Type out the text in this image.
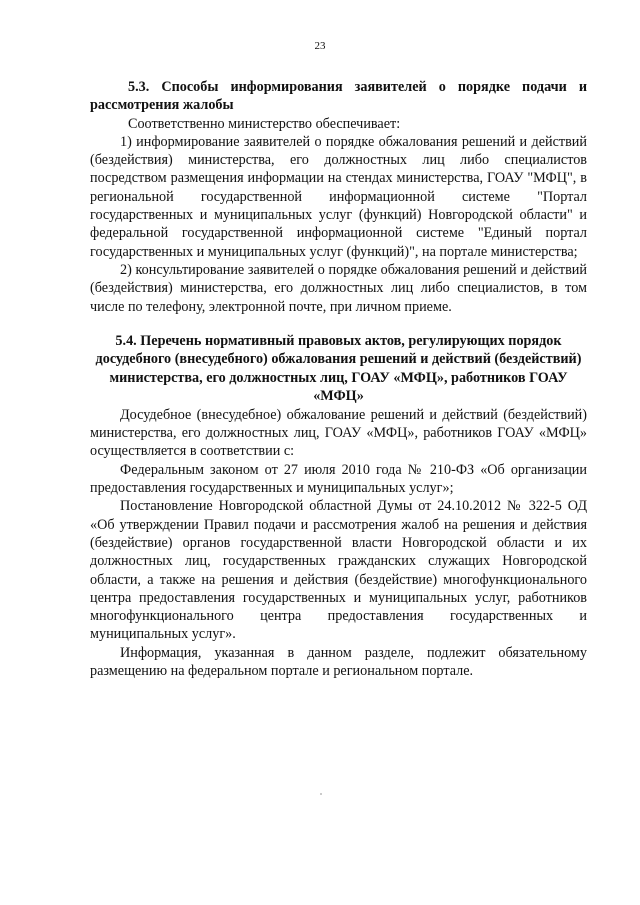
23

5.3. Способы информирования заявителей о порядке подачи и рассмотрения жалобы

Соответственно министерство обеспечивает:

1) информирование заявителей о порядке обжалования решений и действий (бездействия) министерства, его должностных лиц либо специалистов посредством размещения информации на стендах министерства, ГОАУ "МФЦ", в региональной государственной информационной системе "Портал государственных и муниципальных услуг (функций) Новгородской области" и федеральной государственной информационной системе "Единый портал государственных и муниципальных услуг (функций)", на портале министерства;

2) консультирование заявителей о порядке обжалования решений и действий (бездействия) министерства, его должностных лиц либо специалистов, в том числе по телефону, электронной почте, при личном приеме.

5.4. Перечень нормативный правовых актов, регулирующих порядок досудебного (внесудебного) обжалования решений и действий (бездействий) министерства, его должностных лиц, ГОАУ «МФЦ», работников ГОАУ «МФЦ»

Досудебное (внесудебное) обжалование решений и действий (бездействий) министерства, его должностных лиц, ГОАУ «МФЦ», работников ГОАУ «МФЦ» осуществляется в соответствии с:

Федеральным законом от 27 июля 2010 года № 210-ФЗ «Об организации предоставления государственных и муниципальных услуг»;

Постановление Новгородской областной Думы от 24.10.2012 № 322-5 ОД «Об утверждении Правил подачи и рассмотрения жалоб на решения и действия (бездействие) органов государственной власти Новгородской области и их должностных лиц, государственных гражданских служащих Новгородской области, а также на решения и действия (бездействие) многофункционального центра предоставления государственных и муниципальных услуг, работников многофункционального центра предоставления государственных и муниципальных услуг».

Информация, указанная в данном разделе, подлежит обязательному размещению на федеральном портале и региональном портале.
